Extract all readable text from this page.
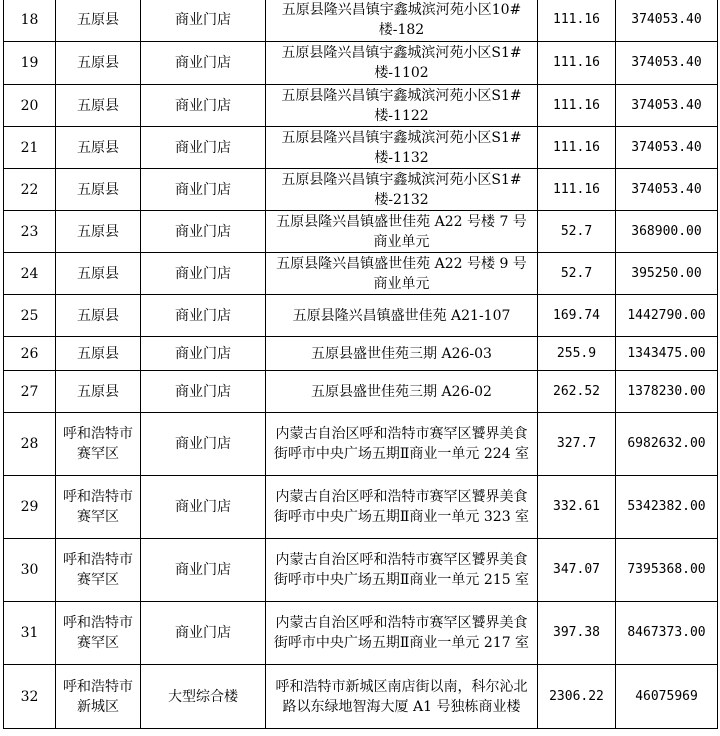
18	五原县	商业门店	五原县隆兴昌镇宇鑫城滨河苑小区10#楼-182	111.16	374053.40
19	五原县	商业门店	五原县隆兴昌镇宇鑫城滨河苑小区S1#楼-1102	111.16	374053.40
20	五原县	商业门店	五原县隆兴昌镇宇鑫城滨河苑小区S1#楼-1122	111.16	374053.40
21	五原县	商业门店	五原县隆兴昌镇宇鑫城滨河苑小区S1#楼-1132	111.16	374053.40
22	五原县	商业门店	五原县隆兴昌镇宇鑫城滨河苑小区S1#楼-2132	111.16	374053.40
23	五原县	商业门店	五原县隆兴昌镇盛世佳苑 A22 号楼 7 号商业单元	52.7	368900.00
24	五原县	商业门店	五原县隆兴昌镇盛世佳苑 A22 号楼 9 号商业单元	52.7	395250.00
25	五原县	商业门店	五原县隆兴昌镇盛世佳苑 A21-107	169.74	1442790.00
26	五原县	商业门店	五原县盛世佳苑三期 A26-03	255.9	1343475.00
27	五原县	商业门店	五原县盛世佳苑三期 A26-02	262.52	1378230.00
28	呼和浩特市赛罕区	商业门店	内蒙古自治区呼和浩特市赛罕区饕界美食街呼市中央广场五期Ⅱ商业一单元 224 室	327.7	6982632.00
29	呼和浩特市赛罕区	商业门店	内蒙古自治区呼和浩特市赛罕区饕界美食街呼市中央广场五期Ⅱ商业一单元 323 室	332.61	5342382.00
30	呼和浩特市赛罕区	商业门店	内蒙古自治区呼和浩特市赛罕区饕界美食街呼市中央广场五期Ⅱ商业一单元 215 室	347.07	7395368.00
31	呼和浩特市赛罕区	商业门店	内蒙古自治区呼和浩特市赛罕区饕界美食街呼市中央广场五期Ⅱ商业一单元 217 室	397.38	8467373.00
32	呼和浩特市新城区	大型综合楼	呼和浩特市新城区南店街以南，科尔沁北路以东绿地智海大厦 A1 号独栋商业楼	2306.22	46075969
